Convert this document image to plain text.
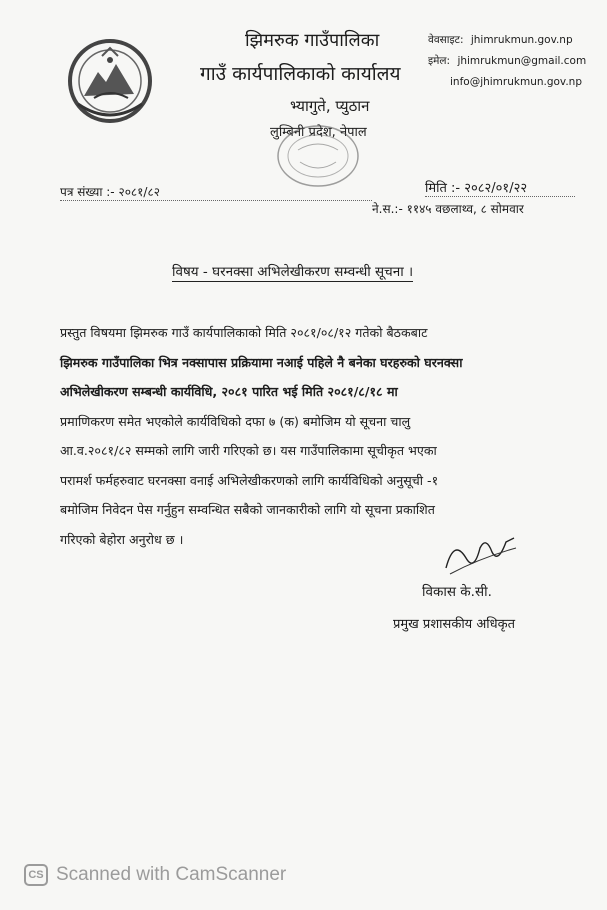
झिमरुक गाउँपालिका
गाउँ कार्यपालिकाको कार्यालय
भ्यागुते, प्युठान
लुम्बिनी प्रदेश, नेपाल
वेवसाइट: jhimrukmun.gov.np
इमेल: jhimrukmun@gmail.com
info@jhimrukmun.gov.np
पत्र संख्या :- २०८१/८२	मिति :- २०८२/०१/२२
ने.स.:- ११४५ वछलाथ्व, ८ सोमवार
विषय - घरनक्सा अभिलेखीकरण सम्वन्धी सूचना ।
प्रस्तुत विषयमा झिमरुक गाउँ कार्यपालिकाको मिति २०८१/०८/१२ गतेको बैठकबाट
झिमरुक गाउँपालिका भित्र नक्सापास प्रक्रियामा नआई पहिले नै बनेका घरहरुको घरनक्सा
अभिलेखीकरण सम्बन्धी कार्यविधि, २०८१ पारित भई मिति २०८१/८/१८ मा
प्रमाणिकरण समेत भएकोले कार्यविधिको दफा ७ (क) बमोजिम यो सूचना चालु
आ.व.२०८१/८२ सम्मको लागि जारी गरिएको छ। यस गाउँपालिकामा सूचीकृत भएका
परामर्श फर्महरुवाट घरनक्सा वनाई अभिलेखीकरणको लागि कार्यविधिको अनुसूची -१
बमोजिम निवेदन पेस गर्नुहुन सम्वन्धित सबैको जानकारीको लागि यो सूचना प्रकाशित
गरिएको बेहोरा अनुरोध छ ।
विकास के.सी.
प्रमुख प्रशासकीय अधिकृत
CS Scanned with CamScanner
